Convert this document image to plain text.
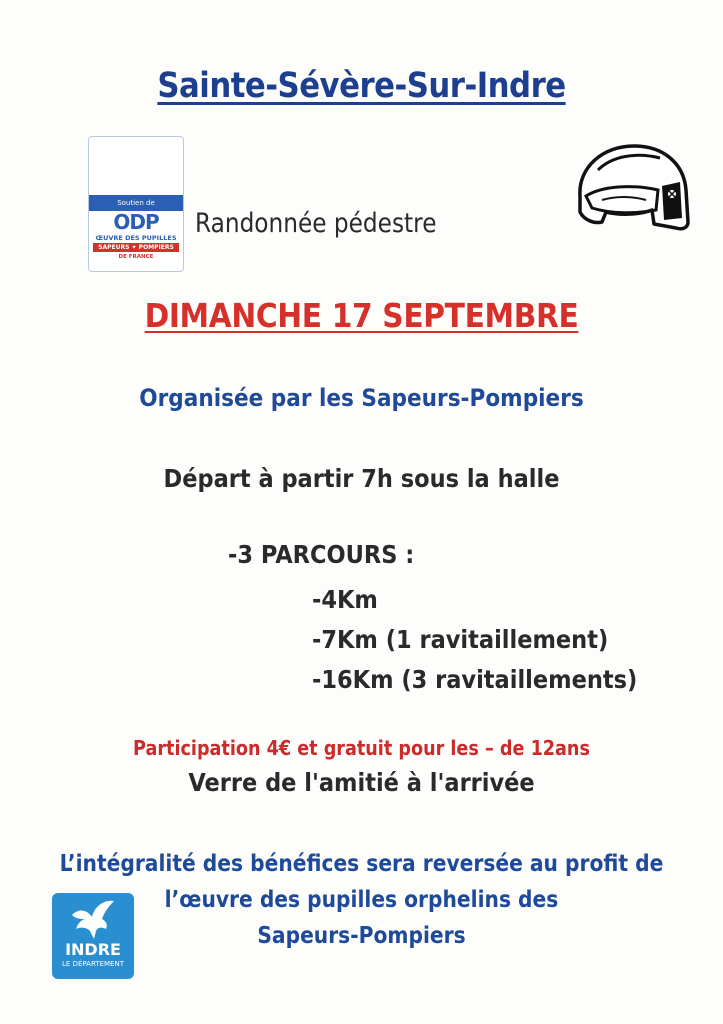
Sainte-Sévère-Sur-Indre
Soutien de
ODP
ŒUVRE DES PUPILLES
SAPEURS ✦ POMPIERS
DE FRANCE
Randonnée pédestre
DIMANCHE 17 SEPTEMBRE
Organisée par les Sapeurs-Pompiers
Départ à partir 7h sous la halle
-3 PARCOURS :
-4Km
-7Km (1 ravitaillement)
-16Km (3 ravitaillements)
Participation 4€ et gratuit pour les – de 12ans
Verre de l'amitié à l'arrivée
L’intégralité des bénéfices sera reversée au profit de
l’œuvre des pupilles orphelins des
Sapeurs-Pompiers
INDRE
LE DÉPARTEMENT
